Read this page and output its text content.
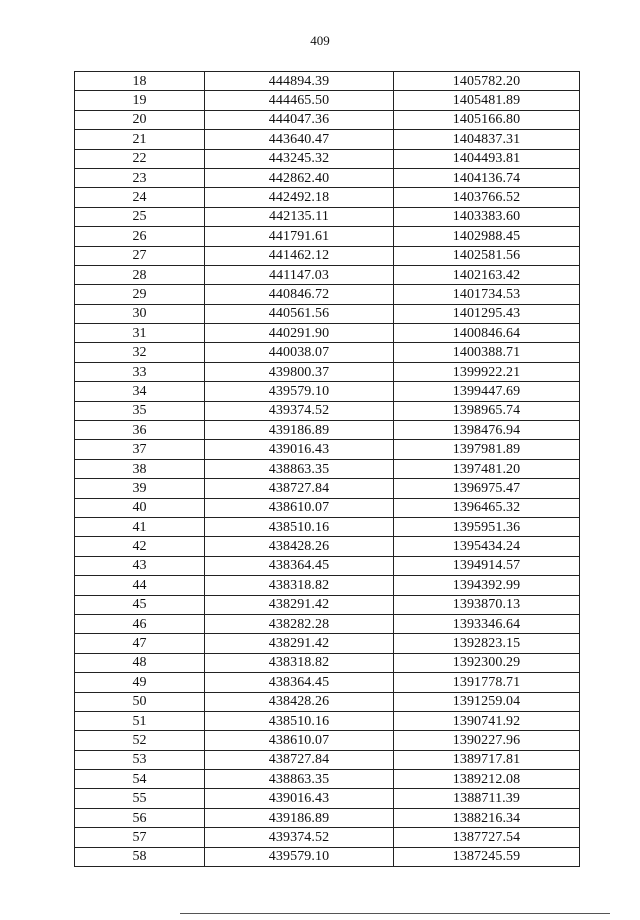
409
18	444894.39	1405782.20
19	444465.50	1405481.89
20	444047.36	1405166.80
21	443640.47	1404837.31
22	443245.32	1404493.81
23	442862.40	1404136.74
24	442492.18	1403766.52
25	442135.11	1403383.60
26	441791.61	1402988.45
27	441462.12	1402581.56
28	441147.03	1402163.42
29	440846.72	1401734.53
30	440561.56	1401295.43
31	440291.90	1400846.64
32	440038.07	1400388.71
33	439800.37	1399922.21
34	439579.10	1399447.69
35	439374.52	1398965.74
36	439186.89	1398476.94
37	439016.43	1397981.89
38	438863.35	1397481.20
39	438727.84	1396975.47
40	438610.07	1396465.32
41	438510.16	1395951.36
42	438428.26	1395434.24
43	438364.45	1394914.57
44	438318.82	1394392.99
45	438291.42	1393870.13
46	438282.28	1393346.64
47	438291.42	1392823.15
48	438318.82	1392300.29
49	438364.45	1391778.71
50	438428.26	1391259.04
51	438510.16	1390741.92
52	438610.07	1390227.96
53	438727.84	1389717.81
54	438863.35	1389212.08
55	439016.43	1388711.39
56	439186.89	1388216.34
57	439374.52	1387727.54
58	439579.10	1387245.59
